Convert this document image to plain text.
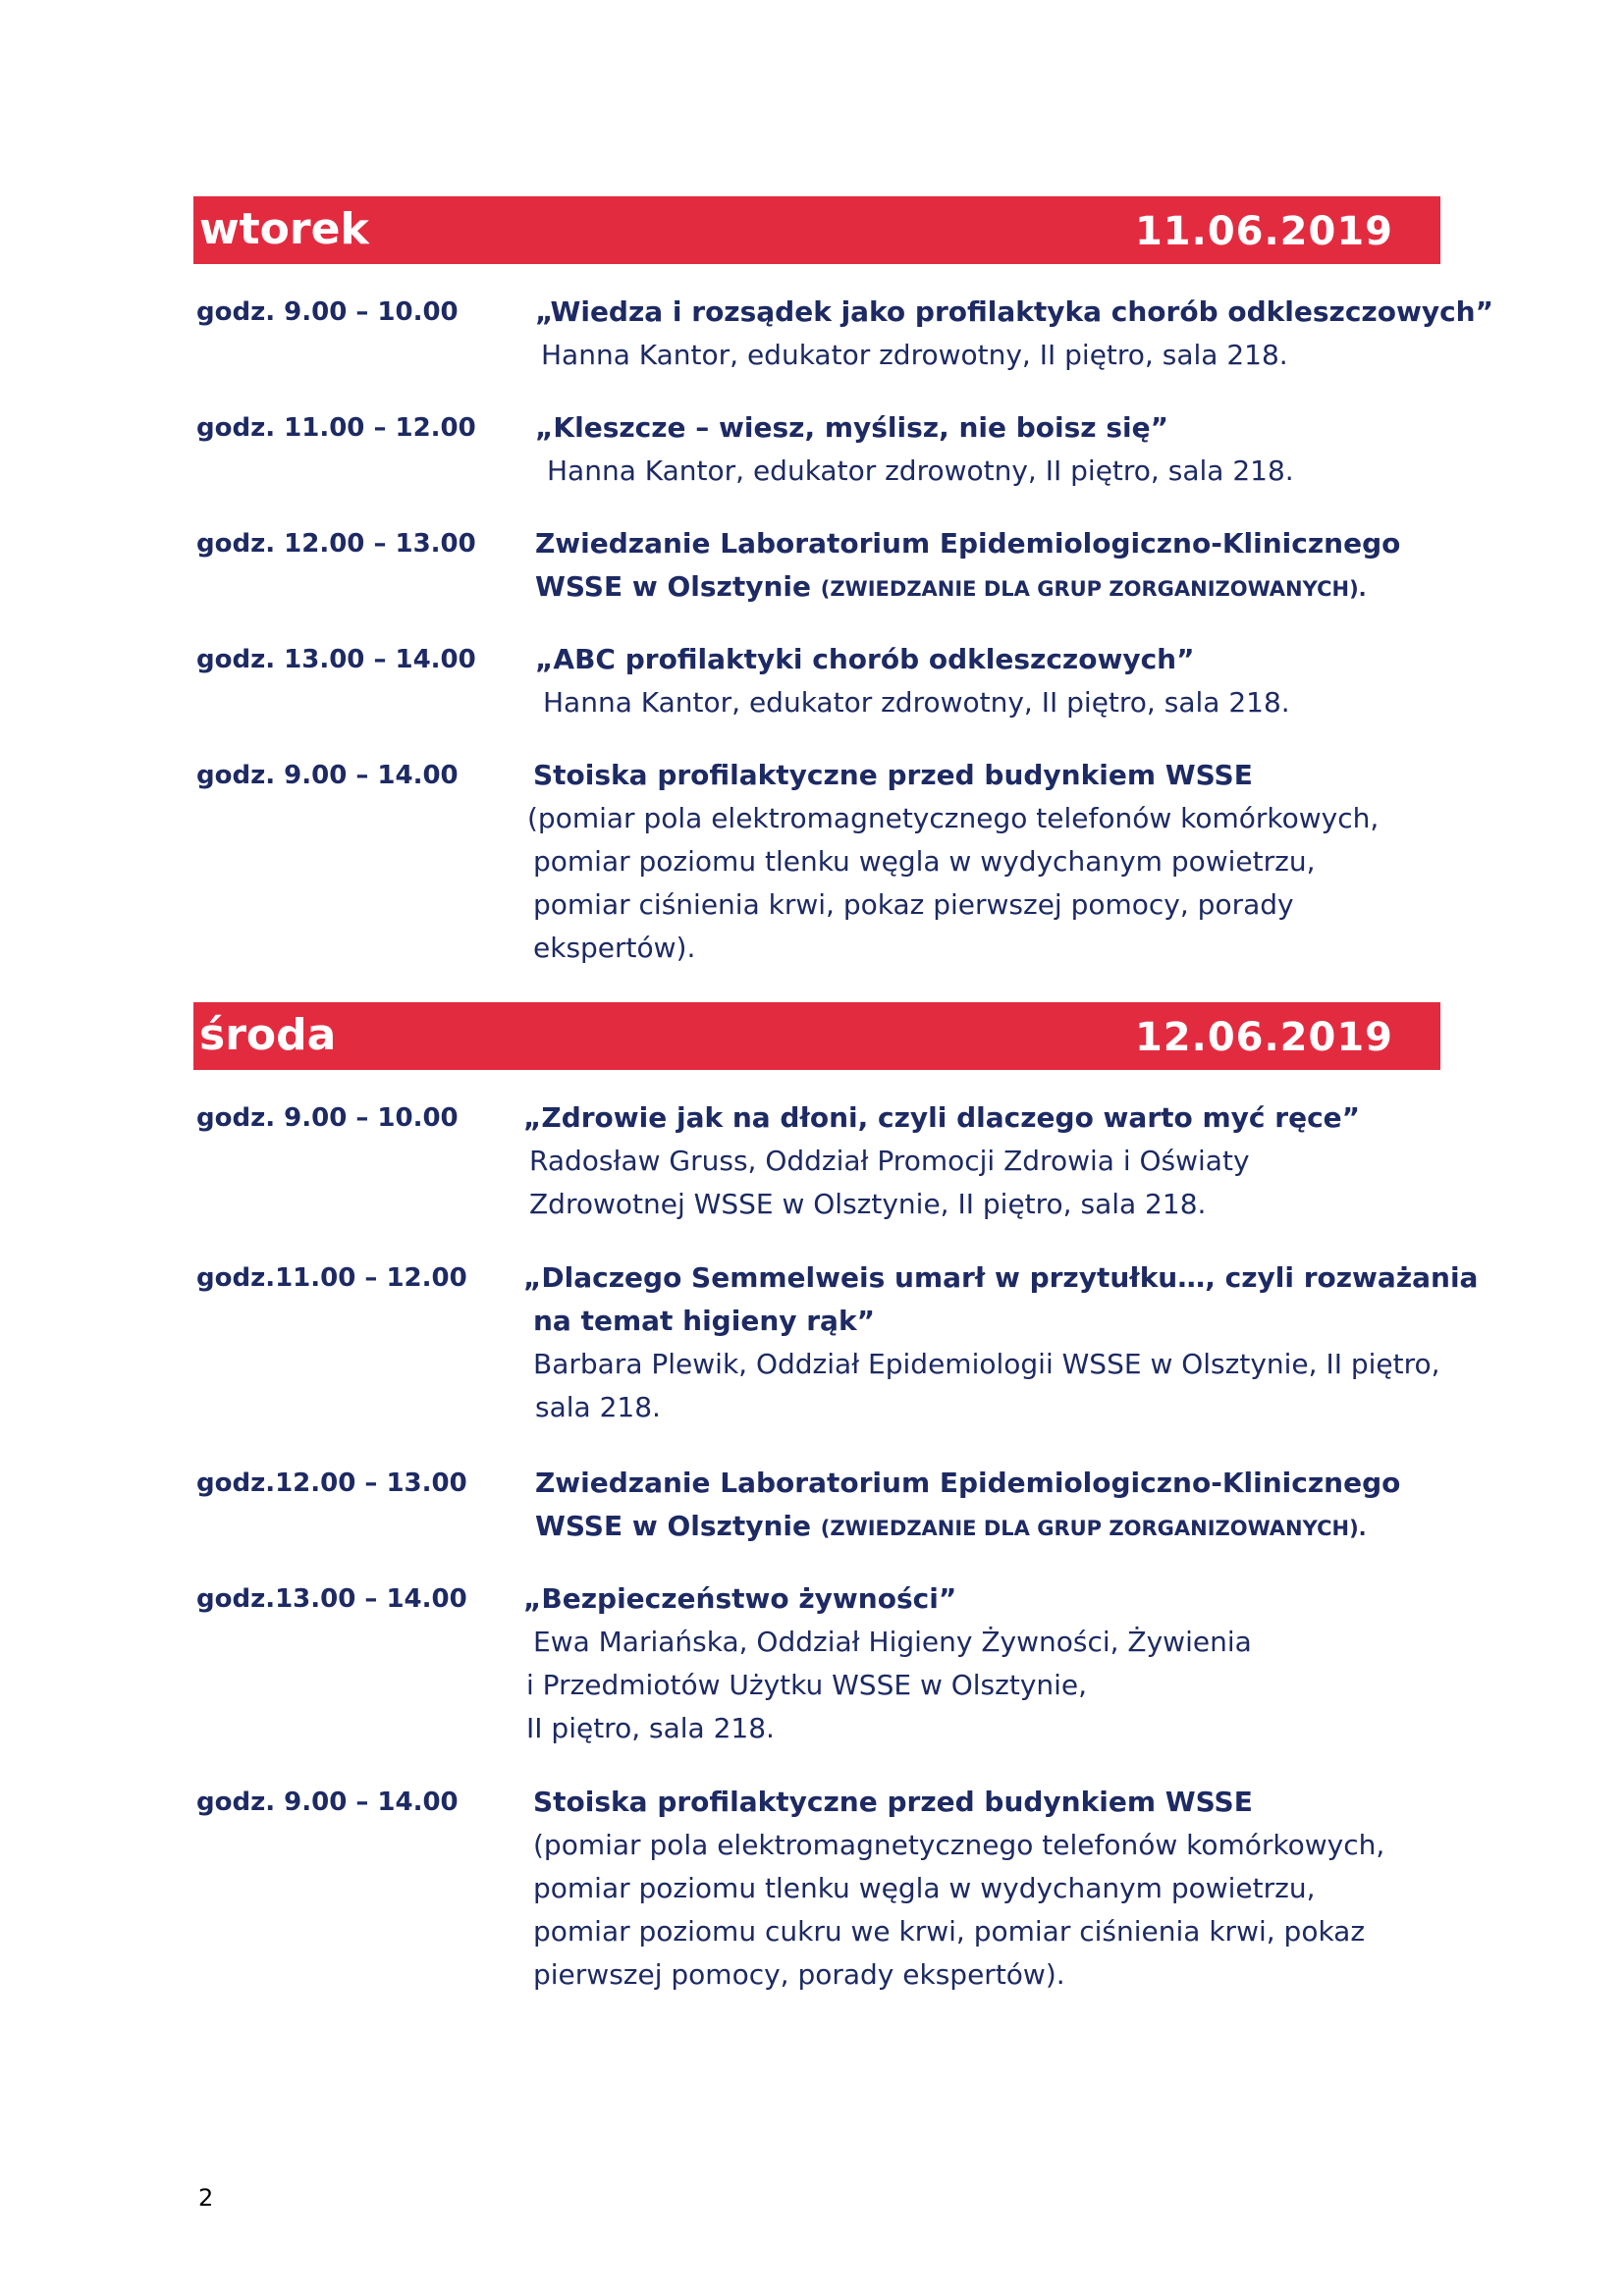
wtorek	11.06.2019
godz. 9.00 – 10.00	„Wiedza i rozsądek jako profilaktyka chorób odkleszczowych”
Hanna Kantor, edukator zdrowotny, II piętro, sala 218.
godz. 11.00 – 12.00 „Kleszcze – wiesz, myślisz, nie boisz się”
Hanna Kantor, edukator zdrowotny, II piętro, sala 218.
godz. 12.00 – 13.00 Zwiedzanie Laboratorium Epidemiologiczno-Klinicznego
WSSE w Olsztynie (ZWIEDZANIE DLA GRUP ZORGANIZOWANYCH).
godz. 13.00 – 14.00 „ABC profilaktyki chorób odkleszczowych”
Hanna Kantor, edukator zdrowotny, II piętro, sala 218.
godz. 9.00 – 14.00	Stoiska profilaktyczne przed budynkiem WSSE
(pomiar pola elektromagnetycznego telefonów komórkowych,
pomiar poziomu tlenku węgla w wydychanym powietrzu,
pomiar ciśnienia krwi, pokaz pierwszej pomocy, porady
ekspertów).
środa	12.06.2019
godz. 9.00 – 10.00 „Zdrowie jak na dłoni, czyli dlaczego warto myć ręce”
Radosław Gruss, Oddział Promocji Zdrowia i Oświaty
Zdrowotnej WSSE w Olsztynie, II piętro, sala 218.
godz.11.00 – 12.00 „Dlaczego Semmelweis umarł w przytułku…, czyli rozważania
na temat higieny rąk”
Barbara Plewik, Oddział Epidemiologii WSSE w Olsztynie, II piętro,
sala 218.
godz.12.00 – 13.00 Zwiedzanie Laboratorium Epidemiologiczno-Klinicznego
WSSE w Olsztynie (ZWIEDZANIE DLA GRUP ZORGANIZOWANYCH).
godz.13.00 – 14.00 „Bezpieczeństwo żywności”
Ewa Mariańska, Oddział Higieny Żywności, Żywienia
i Przedmiotów Użytku WSSE w Olsztynie,
II piętro, sala 218.
godz. 9.00 – 14.00	Stoiska profilaktyczne przed budynkiem WSSE
(pomiar pola elektromagnetycznego telefonów komórkowych,
pomiar poziomu tlenku węgla w wydychanym powietrzu,
pomiar poziomu cukru we krwi, pomiar ciśnienia krwi, pokaz
pierwszej pomocy, porady ekspertów).
2
